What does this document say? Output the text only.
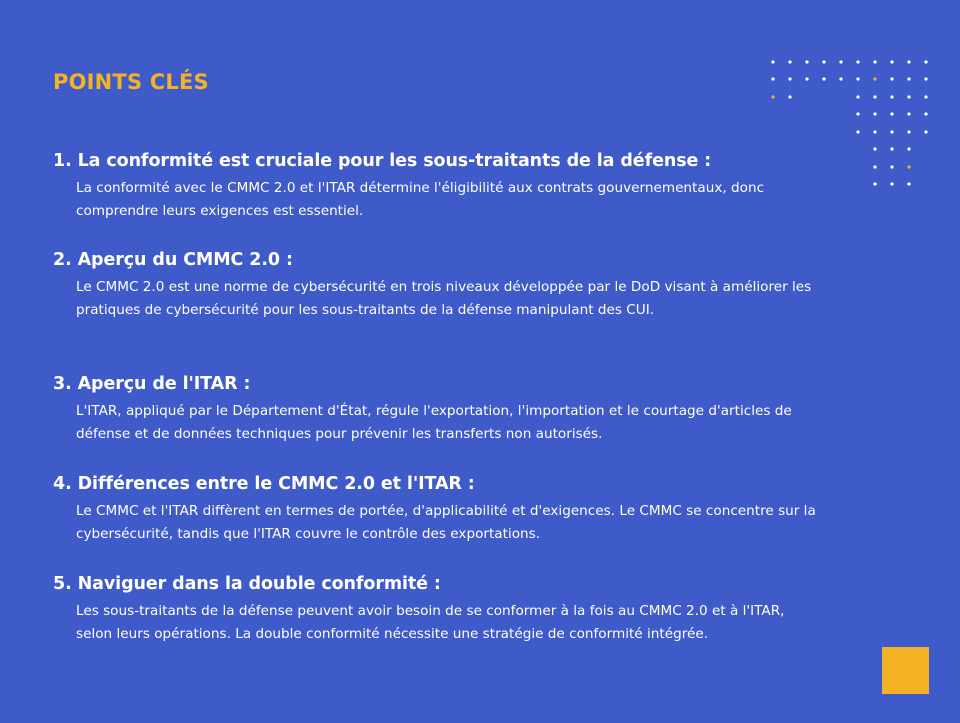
POINTS CLÉS

1. La conformité est cruciale pour les sous-traitants de la défense :

La conformité avec le CMMC 2.0 et l'ITAR détermine l'éligibilité aux contrats gouvernementaux, donc comprendre leurs exigences est essentiel.

2. Aperçu du CMMC 2.0 :

Le CMMC 2.0 est une norme de cybersécurité en trois niveaux développée par le DoD visant à améliorer les pratiques de cybersécurité pour les sous-traitants de la défense manipulant des CUI.

3. Aperçu de l'ITAR :

L'ITAR, appliqué par le Département d'État, régule l'exportation, l'importation et le courtage d'articles de défense et de données techniques pour prévenir les transferts non autorisés.

4. Différences entre le CMMC 2.0 et l'ITAR :

Le CMMC et l'ITAR diffèrent en termes de portée, d'applicabilité et d'exigences. Le CMMC se concentre sur la cybersécurité, tandis que l'ITAR couvre le contrôle des exportations.

5. Naviguer dans la double conformité :

Les sous-traitants de la défense peuvent avoir besoin de se conformer à la fois au CMMC 2.0 et à l'ITAR, selon leurs opérations. La double conformité nécessite une stratégie de conformité intégrée.
